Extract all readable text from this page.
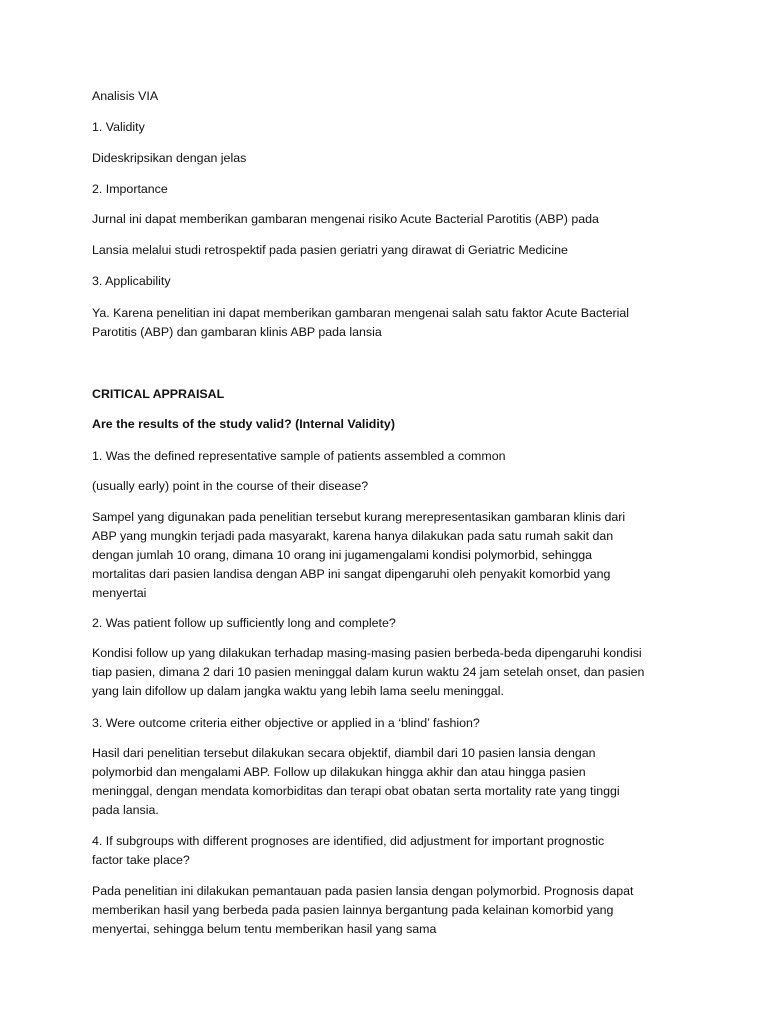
Analisis VIA

1. Validity

Dideskripsikan dengan jelas

2. Importance

Jurnal ini dapat memberikan gambaran mengenai risiko Acute Bacterial Parotitis (ABP) pada

Lansia melalui studi retrospektif pada pasien geriatri yang dirawat di Geriatric Medicine

3. Applicability

Ya. Karena penelitian ini dapat memberikan gambaran mengenai salah satu faktor Acute Bacterial

Parotitis (ABP) dan gambaran klinis ABP pada lansia

CRITICAL APPRAISAL

Are the results of the study valid? (Internal Validity)

1. Was the defined representative sample of patients assembled a common

(usually early) point in the course of their disease?

Sampel yang digunakan pada penelitian tersebut kurang merepresentasikan gambaran klinis dari

ABP yang mungkin terjadi pada masyarakt, karena hanya dilakukan pada satu rumah sakit dan

dengan jumlah 10 orang, dimana 10 orang ini jugamengalami kondisi polymorbid, sehingga

mortalitas dari pasien landisa dengan ABP ini sangat dipengaruhi oleh penyakit komorbid yang

menyertai

2. Was patient follow up sufficiently long and complete?

Kondisi follow up yang dilakukan terhadap masing-masing pasien berbeda-beda dipengaruhi kondisi

tiap pasien, dimana 2 dari 10 pasien meninggal dalam kurun waktu 24 jam setelah onset, dan pasien

yang lain difollow up dalam jangka waktu yang lebih lama seelu meninggal.

3. Were outcome criteria either objective or applied in a ‘blind’ fashion?

Hasil dari penelitian tersebut dilakukan secara objektif, diambil dari 10 pasien lansia dengan

polymorbid dan mengalami ABP. Follow up dilakukan hingga akhir dan atau hingga pasien

meninggal, dengan mendata komorbiditas dan terapi obat obatan serta mortality rate yang tinggi

pada lansia.

4. If subgroups with different prognoses are identified, did adjustment for important prognostic

factor take place?

Pada penelitian ini dilakukan pemantauan pada pasien lansia dengan polymorbid. Prognosis dapat

memberikan hasil yang berbeda pada pasien lainnya bergantung pada kelainan komorbid yang

menyertai, sehingga belum tentu memberikan hasil yang sama
